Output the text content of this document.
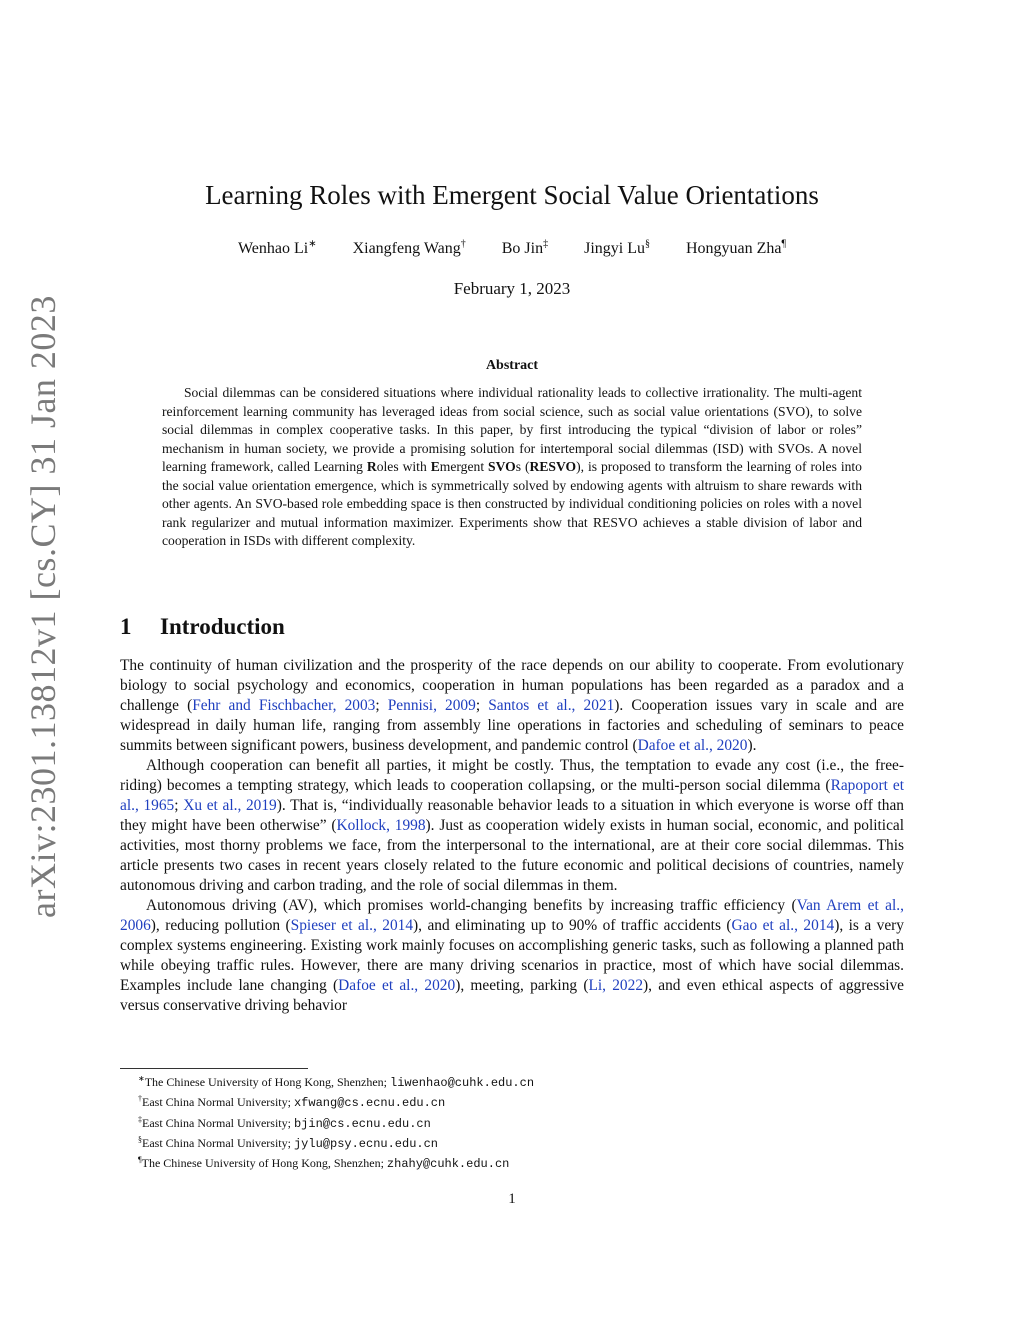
arXiv:2301.13812v1 [cs.CY] 31 Jan 2023
Learning Roles with Emergent Social Value Orientations
Wenhao Li∗ Xiangfeng Wang† Bo Jin‡ Jingyi Lu§ Hongyuan Zha¶
February 1, 2023
Abstract
Social dilemmas can be considered situations where individual rationality leads to collective irrationality. The multi-agent reinforcement learning community has leveraged ideas from social science, such as social value orientations (SVO), to solve social dilemmas in complex cooperative tasks. In this paper, by first introducing the typical “division of labor or roles” mechanism in human society, we provide a promising solution for intertemporal social dilemmas (ISD) with SVOs. A novel learning framework, called Learning Roles with Emergent SVOs (RESVO), is proposed to transform the learning of roles into the social value orientation emergence, which is symmetrically solved by endowing agents with altruism to share rewards with other agents. An SVO-based role embedding space is then constructed by individual conditioning policies on roles with a novel rank regularizer and mutual information maximizer. Experiments show that RESVO achieves a stable division of labor and cooperation in ISDs with different complexity.
1 Introduction

The continuity of human civilization and the prosperity of the race depends on our ability to cooperate. From evolutionary biology to social psychology and economics, cooperation in human populations has been regarded as a paradox and a challenge (Fehr and Fischbacher, 2003; Pennisi, 2009; Santos et al., 2021). Cooperation issues vary in scale and are widespread in daily human life, ranging from assembly line operations in factories and scheduling of seminars to peace summits between significant powers, business development, and pandemic control (Dafoe et al., 2020).

Although cooperation can benefit all parties, it might be costly. Thus, the temptation to evade any cost (i.e., the free-riding) becomes a tempting strategy, which leads to cooperation collapsing, or the multi-person social dilemma (Rapoport et al., 1965; Xu et al., 2019). That is, “individually reasonable behavior leads to a situation in which everyone is worse off than they might have been otherwise” (Kollock, 1998). Just as cooperation widely exists in human social, economic, and political activities, most thorny problems we face, from the interpersonal to the international, are at their core social dilemmas. This article presents two cases in recent years closely related to the future economic and political decisions of countries, namely autonomous driving and carbon trading, and the role of social dilemmas in them.

Autonomous driving (AV), which promises world-changing benefits by increasing traffic efficiency (Van Arem et al., 2006), reducing pollution (Spieser et al., 2014), and eliminating up to 90% of traffic accidents (Gao et al., 2014), is a very complex systems engineering. Existing work mainly focuses on accomplishing generic tasks, such as following a planned path while obeying traffic rules. However, there are many driving scenarios in practice, most of which have social dilemmas. Examples include lane changing (Dafoe et al., 2020), meeting, parking (Li, 2022), and even ethical aspects of aggressive versus conservative driving behavior

∗The Chinese University of Hong Kong, Shenzhen; liwenhao@cuhk.edu.cn
†East China Normal University; xfwang@cs.ecnu.edu.cn
‡East China Normal University; bjin@cs.ecnu.edu.cn
§East China Normal University; jylu@psy.ecnu.edu.cn
¶The Chinese University of Hong Kong, Shenzhen; zhahy@cuhk.edu.cn
1
